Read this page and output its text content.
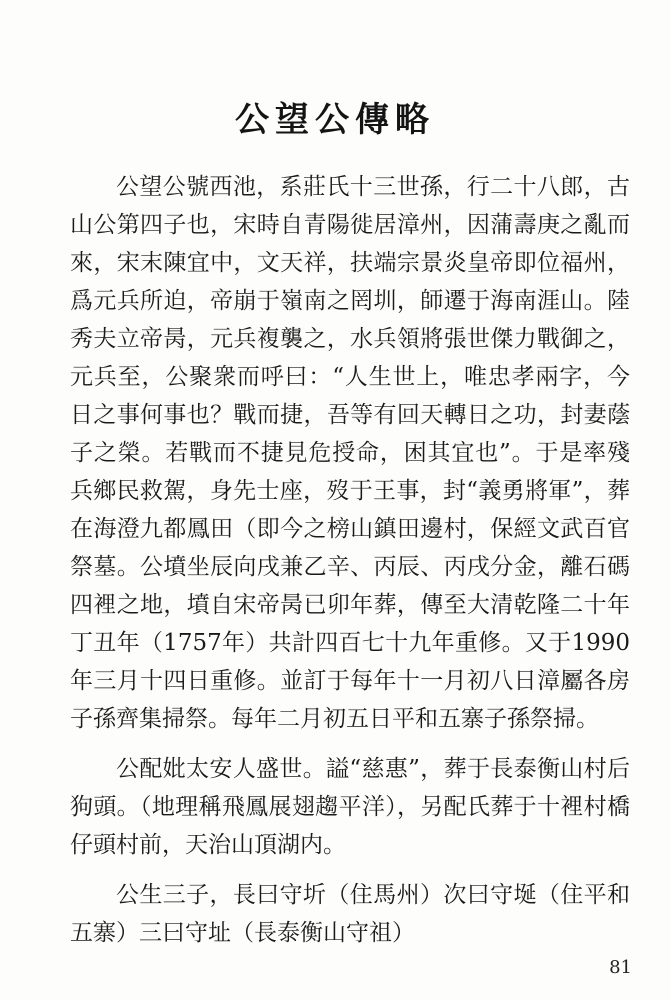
公望公傳略

公望公號西池，系莊氏十三世孫，行二十八郎，古山公第四子也，宋時自青陽徙居漳州，因蒲壽庚之亂而來，宋末陳宜中，文天祥，扶端宗景炎皇帝即位福州，爲元兵所迫，帝崩于嶺南之罔圳，師遷于海南涯山。陸秀夫立帝昺，元兵複襲之，水兵領將張世傑力戰御之，元兵至，公聚衆而呼曰：“人生世上，唯忠孝兩字，今日之事何事也？戰而捷，吾等有回天轉日之功，封妻蔭子之榮。若戰而不捷見危授命，困其宜也”。于是率殘兵鄉民救駕，身先士座，歿于王事，封“義勇將軍”，葬在海澄九都鳳田（即今之榜山鎮田邊村，保經文武百官祭墓。公墳坐辰向戌兼乙辛、丙辰、丙戌分金，離石碼四裡之地，墳自宋帝昺已卯年葬，傳至大清乾隆二十年丁丑年（1757年）共計四百七十九年重修。又于1990年三月十四日重修。並訂于每年十一月初八日漳屬各房子孫齊集掃祭。每年二月初五日平和五寨子孫祭掃。

公配妣太安人盛世。謚“慈惠”，葬于長泰衡山村后狗頭。（地理稱飛鳳展翅趨平洋），另配氏葬于十裡村橋仔頭村前，天治山頂湖内。

公生三子，長曰守圻（住馬州）次曰守埏（住平和五寨）三曰守址（長泰衡山守祖）

81
